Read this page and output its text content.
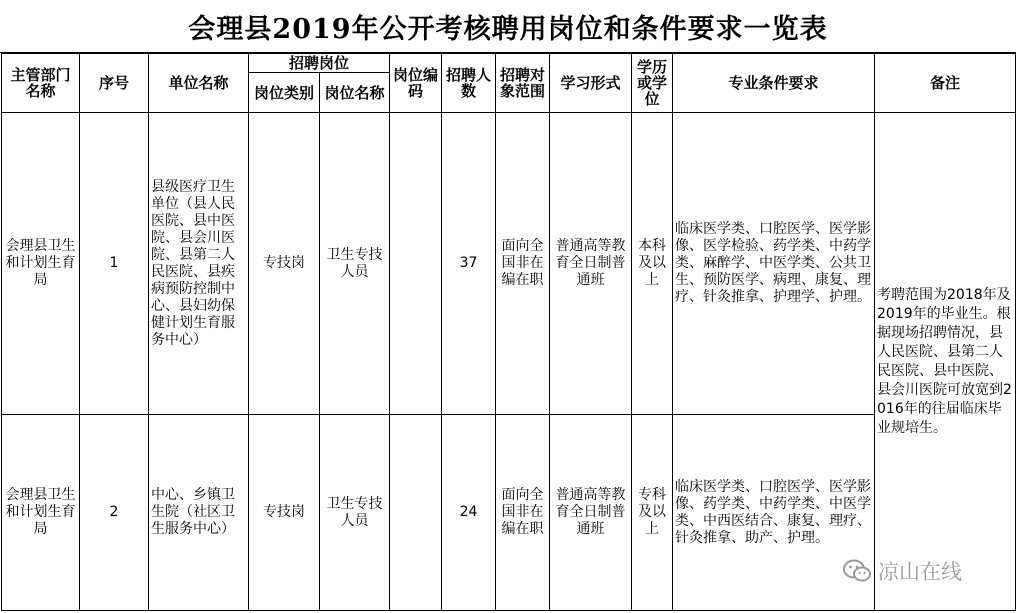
会理县2019年公开考核聘用岗位和条件要求一览表
主管部门名称	序号	单位名称	招聘岗位		岗位编码	招聘人数	招聘对象范围	学习形式	学历或学位	专业条件要求	备注
			岗位类别	岗位名称							
会理县卫生和计划生育局	1	县级医疗卫生单位（县人民医院、县中医院、县会川医院、县第二人民医院、县疾病预防控制中心、县妇幼保健计划生育服务中心）	专技岗	卫生专技人员		37	面向全国非在编在职	普通高等教育全日制普通班	本科及以上	临床医学类、口腔医学、医学影像、医学检验、药学类、中药学类、麻醉学、中医学类、公共卫生、预防医学、病理、康复、理疗、针灸推拿、护理学、护理。	考聘范围为2018年及2019年的毕业生。根据现场招聘情况，县人民医院、县第二人民医院、县中医院、县会川医院可放宽到2016年的往届临床毕业规培生。
会理县卫生和计划生育局	2	中心、乡镇卫生院（社区卫生服务中心）	专技岗	卫生专技人员		24	面向全国非在编在职	普通高等教育全日制普通班	专科及以上	临床医学类、口腔医学、医学影像、药学类、中药学类、中医学类、中西医结合、康复、理疗、针灸推拿、助产、护理。	
凉山在线
